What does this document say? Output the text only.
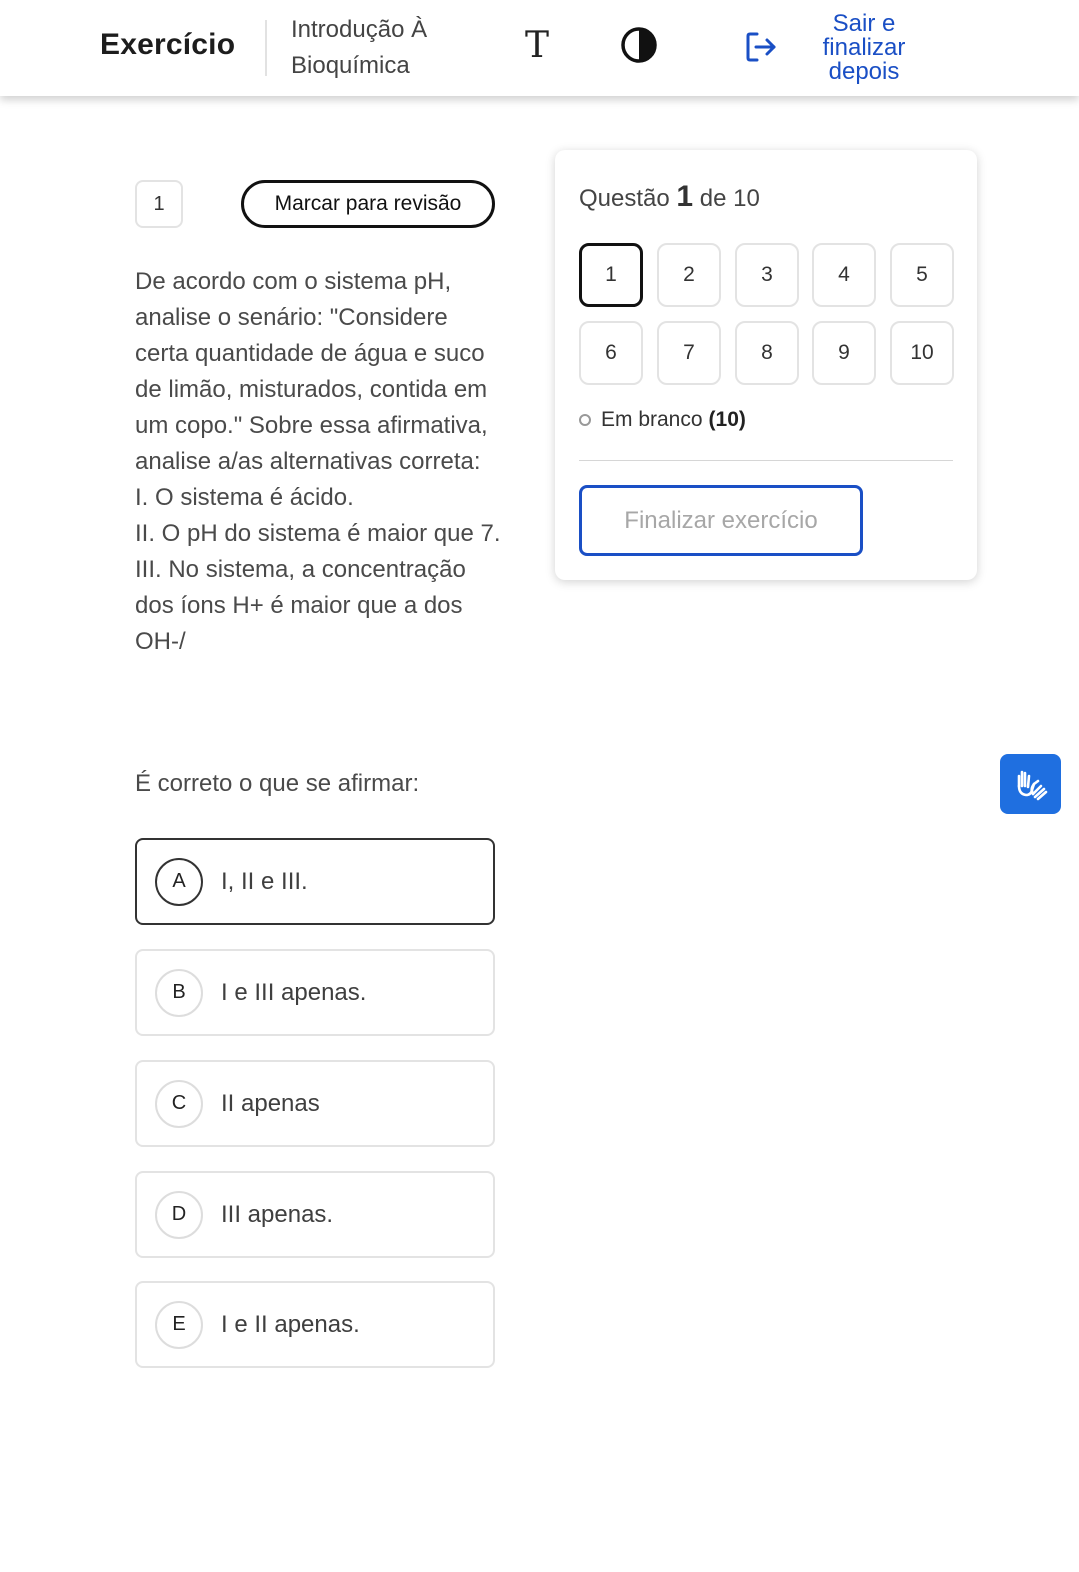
Exercício Introdução À Bioquímica	T
Sair e finalizar depois
1	Marcar para revisão
De acordo com o sistema pH, analise o senário: "Considere certa quantidade de água e suco de limão, misturados, contida em um copo." Sobre essa afirmativa, analise a/as alternativas correta:
I. O sistema é ácido.
II. O pH do sistema é maior que 7.
III. No sistema, a concentração dos íons H+ é maior que a dos OH-/
É correto o que se afirmar:
A	I, II e III.
B	I e III apenas.
C	II apenas
D	III apenas.
E	I e II apenas.
Questão 1 de 10
1	2	3	4	5
6	7	8	9	10
Em branco (10)
Finalizar exercício
